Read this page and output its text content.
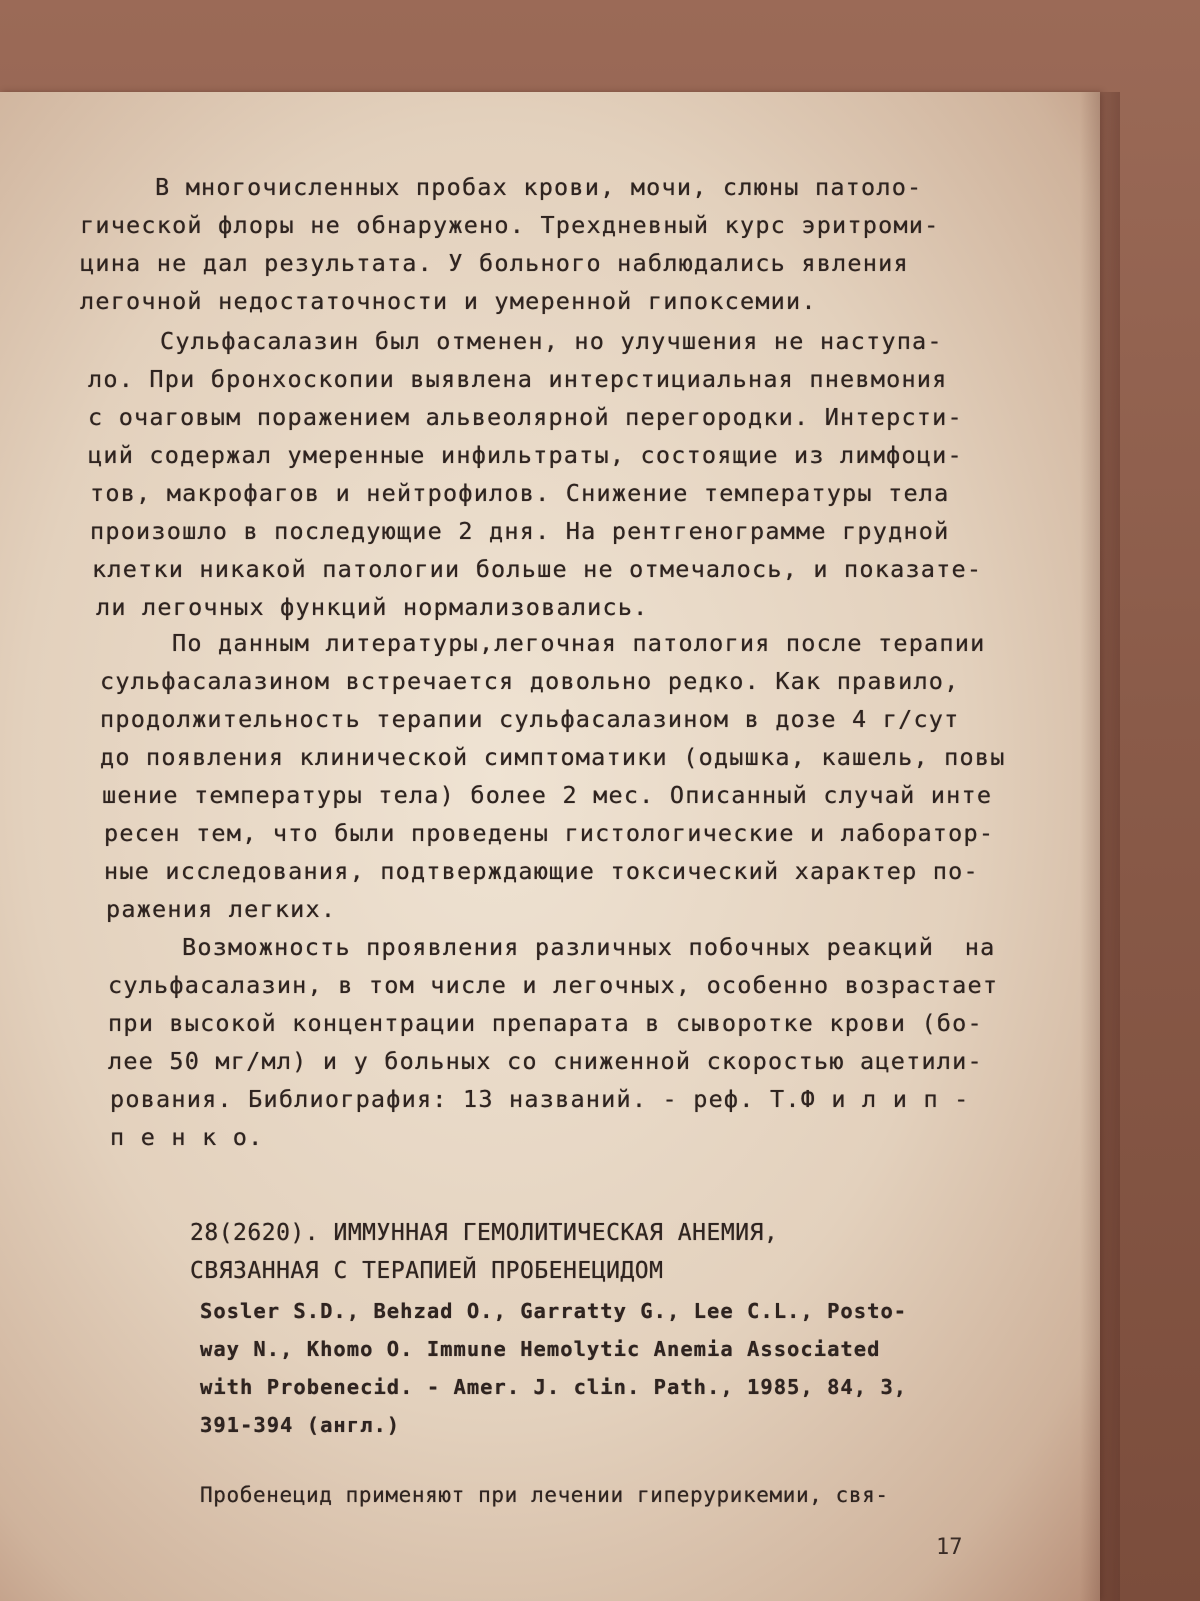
В многочисленных пробах крови, мочи, слюны патоло-
гической флоры не обнаружено. Трехдневный курс эритроми-
цина не дал результата. У больного наблюдались явления
легочной недостаточности и умеренной гипоксемии.
Сульфасалазин был отменен, но улучшения не наступа-
ло. При бронхоскопии выявлена интерстициальная пневмония
с очаговым поражением альвеолярной перегородки. Интерсти-
ций содержал умеренные инфильтраты, состоящие из лимфоци-
тов, макрофагов и нейтрофилов. Снижение температуры тела
произошло в последующие 2 дня. На рентгенограмме грудной
клетки никакой патологии больше не отмечалось, и показате-
ли легочных функций нормализовались.
По данным литературы,легочная патология после терапии
сульфасалазином встречается довольно редко. Как правило,
продолжительность терапии сульфасалазином в дозе 4 г/сут
до появления клинической симптоматики (одышка, кашель, повы
шение температуры тела) более 2 мес. Описанный случай инте
ресен тем, что были проведены гистологические и лаборатор-
ные исследования, подтверждающие токсический характер по-
ражения легких.
Возможность проявления различных побочных реакций  на
сульфасалазин, в том числе и легочных, особенно возрастает
при высокой концентрации препарата в сыворотке крови (бо-
лее 50 мг/мл) и у больных со сниженной скоростью ацетили-
рования. Библиография: 13 названий. - реф. Т.Ф и л и п -
п е н к о.
28(2620). ИММУННАЯ ГЕМОЛИТИЧЕСКАЯ АНЕМИЯ,
СВЯЗАННАЯ С ТЕРАПИЕЙ ПРОБЕНЕЦИДОМ
Sosler S.D., Behzad O., Garratty G., Lee C.L., Posto-
way N., Khomo O. Immune Hemolytic Anemia Associated
with Probenecid. - Amer. J. clin. Path., 1985, 84, 3,
391-394 (англ.)
Пробенецид применяют при лечении гиперурикемии, свя-
17
